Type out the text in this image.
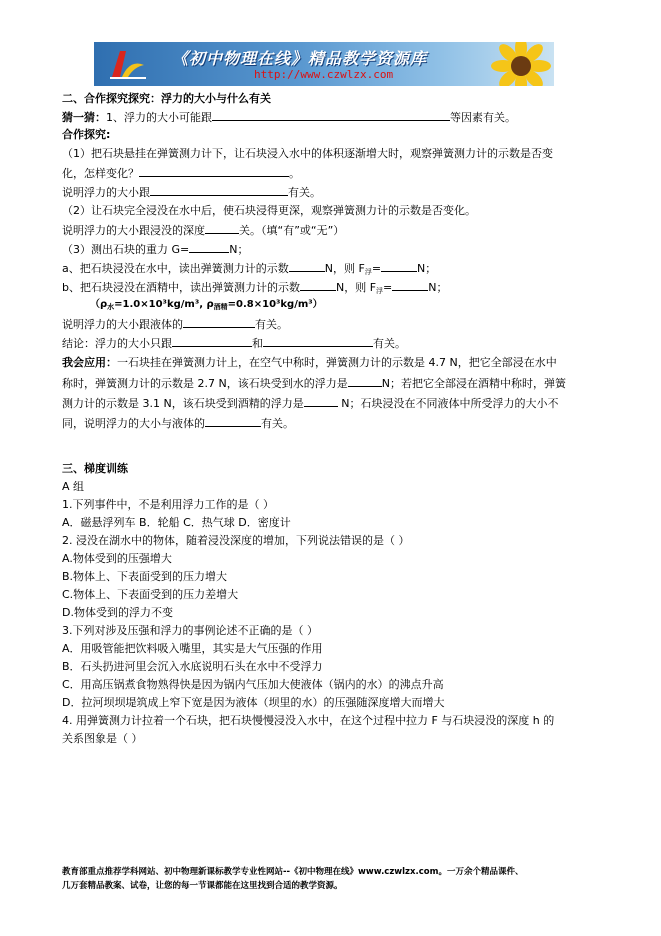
《初中物理在线》精品教学资源库
http://www.czwlzx.com
二、合作探究探究：浮力的大小与什么有关
猜一猜：1、浮力的大小可能跟	等因素有关。
合作探究:
（1）把石块悬挂在弹簧测力计下，让石块浸入水中的体积逐渐增大时，观察弹簧测力计的示数是否变
化，怎样变化？	。
说明浮力的大小跟	有关。
（2）让石块完全浸没在水中后，使石块浸得更深，观察弹簧测力计的示数是否变化。
说明浮力的大小跟浸没的深度	关。（填“有”或“无”）
（3）测出石块的重力 G=	N；
a、把石块浸没在水中，读出弹簧测力计的示数	N，则 $F_浮=$	N；
b、把石块浸没在酒精中，读出弹簧测力计的示数	N，则 $F_浮=$	N；
（$\rho_水=1.0\times 10^3kg/m^3$, $\rho_{酒精}=0.8\times 10^3kg/m^3$）
说明浮力的大小跟液体的	有关。
结论：浮力的大小只跟	和	有关。
我会应用：一石块挂在弹簧测力计上，在空气中称时，弹簧测力计的示数是 4.7 N，把它全部浸在水中
称时，弹簧测力计的示数是 2.7 N，该石块受到水的浮力是	N；若把它全部浸在酒精中称时，弹簧
测力计的示数是 3.1 N，该石块受到酒精的浮力是	N；石块浸没在不同液体中所受浮力的大小不
同，说明浮力的大小与液体的	有关。
三、梯度训练
A 组
1.下列事件中，不是利用浮力工作的是（ ）
A．磁悬浮列车 B．轮船 C．热气球 D．密度计
2. 浸没在湖水中的物体，随着浸没深度的增加，下列说法错误的是（ ）
A.物体受到的压强增大
B.物体上、下表面受到的压力增大
C.物体上、下表面受到的压力差增大
D.物体受到的浮力不变
3.下列对涉及压强和浮力的事例论述不正确的是（ ）
A．用吸管能把饮料吸入嘴里，其实是大气压强的作用
B．石头扔进河里会沉入水底说明石头在水中不受浮力
C．用高压锅煮食物熟得快是因为锅内气压加大使液体（锅内的水）的沸点升高
D．拉河坝坝堤筑成上窄下宽是因为液体（坝里的水）的压强随深度增大而增大
4. 用弹簧测力计拉着一个石块，把石块慢慢浸没入水中，在这个过程中拉力 F 与石块浸没的深度 h 的
关系图象是（ ）
教育部重点推荐学科网站、初中物理新课标教学专业性网站--《初中物理在线》www.czwlzx.com。一万余个精品课件、
几万套精品教案、试卷，让您的每一节课都能在这里找到合适的教学资源。
